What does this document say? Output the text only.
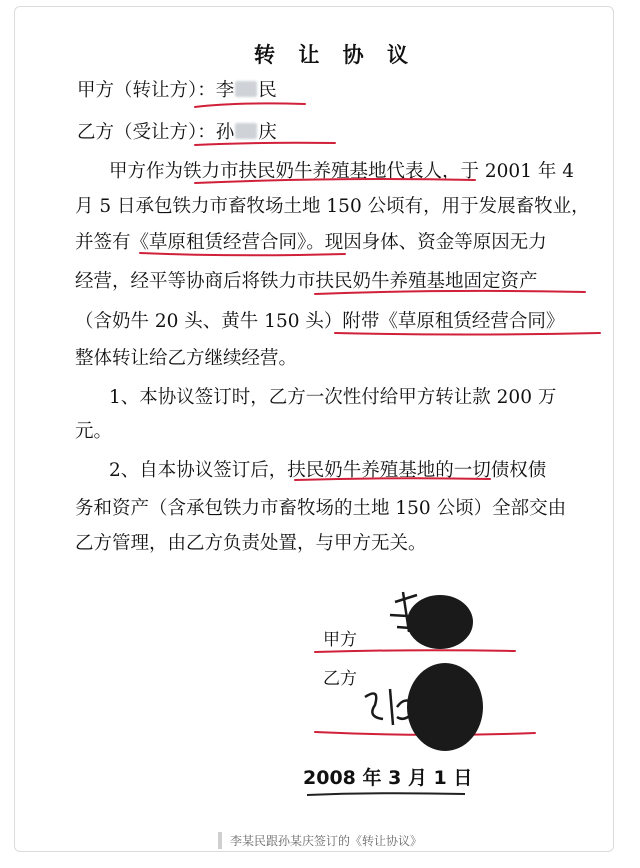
转 让 协 议
甲方（转让方）：李 民
乙方（受让方）：孙 庆
甲方作为铁力市扶民奶牛养殖基地代表人，于 2001 年 4
月 5 日承包铁力市畜牧场土地 150 公顷有，用于发展畜牧业，
并签有《草原租赁经营合同》。现因身体、资金等原因无力
经营，经平等协商后将铁力市扶民奶牛养殖基地固定资产
（含奶牛 20 头、黄牛 150 头）附带《草原租赁经营合同》
整体转让给乙方继续经营。
1、本协议签订时，乙方一次性付给甲方转让款 200 万
元。
2、自本协议签订后，扶民奶牛养殖基地的一切债权债
务和资产（含承包铁力市畜牧场的土地 150 公顷）全部交由
乙方管理，由乙方负责处置，与甲方无关。
甲方
乙方
2008 年 3 月 1 日
李某民跟孙某庆签订的《转让协议》
